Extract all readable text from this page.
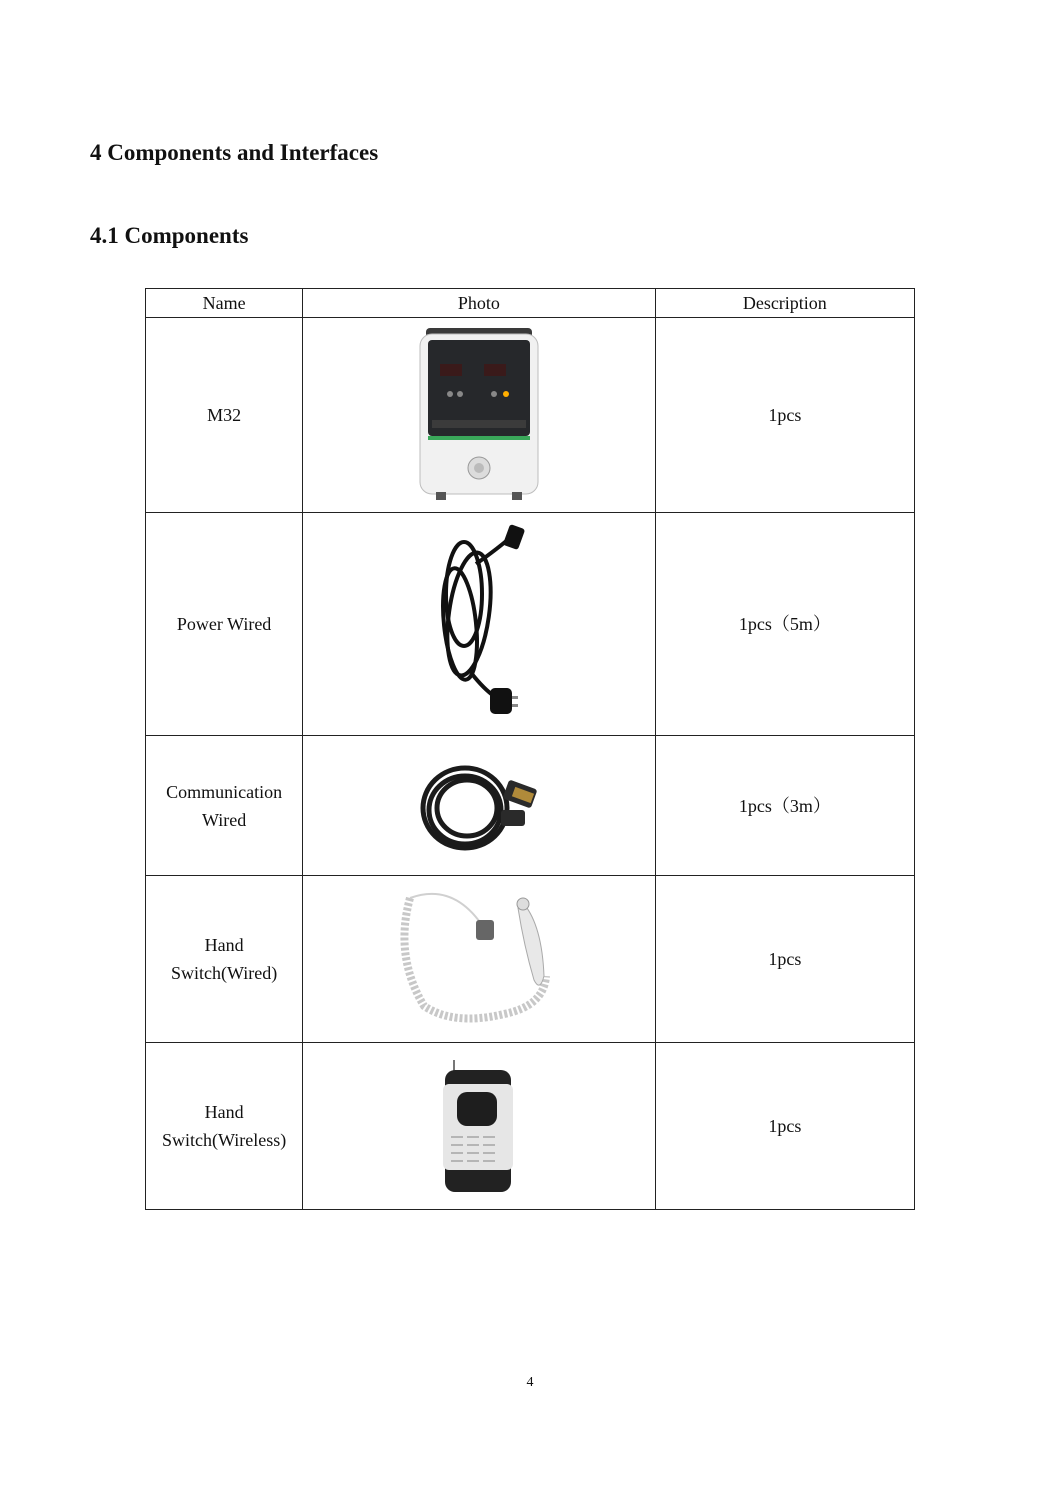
4 Components and Interfaces
4.1 Components
Name	Photo	Description
M32		1pcs
Power Wired		1pcs（5m）
Communication Wired		1pcs（3m）
Hand Switch(Wired)		1pcs
Hand Switch(Wireless)		1pcs
4
